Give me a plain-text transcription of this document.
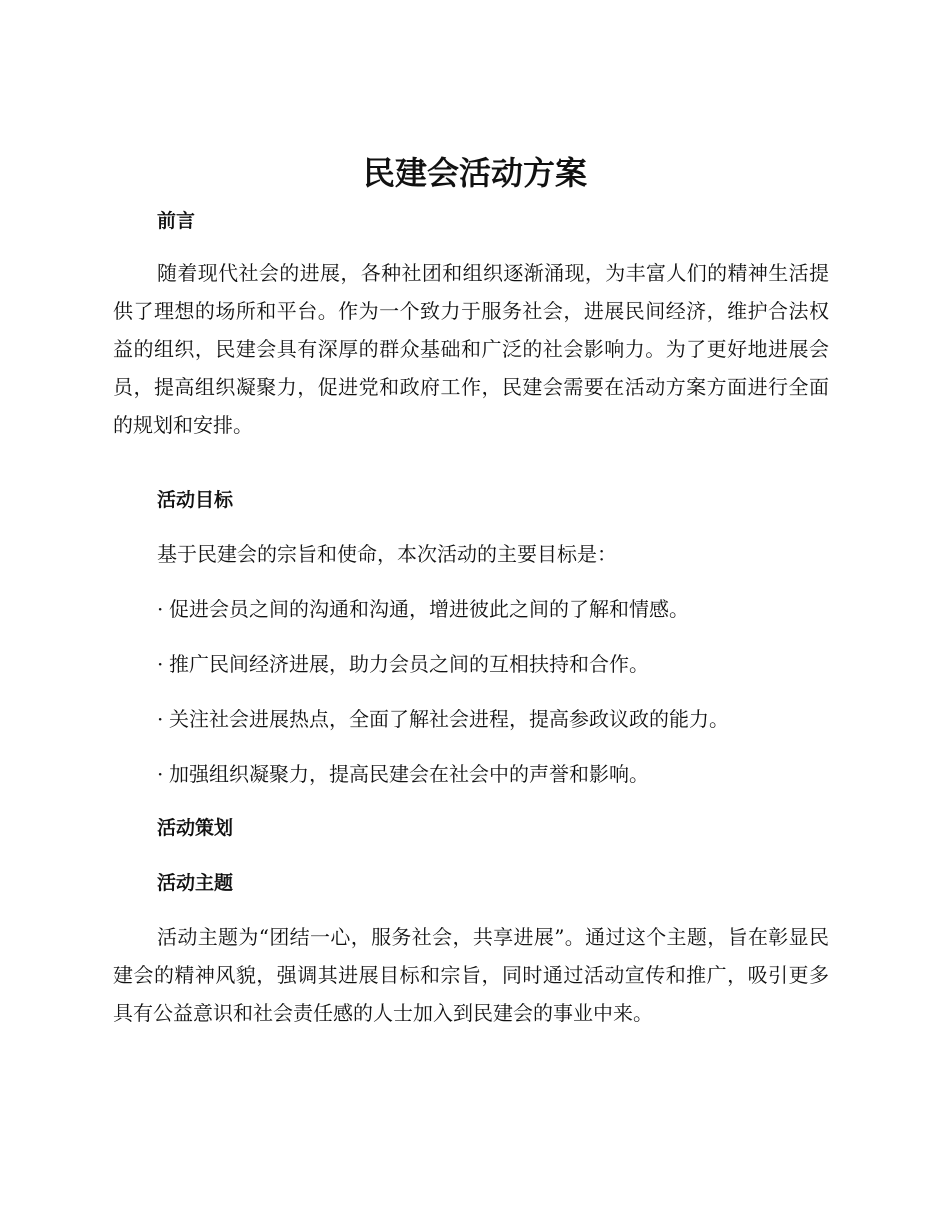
民建会活动方案
前言

随着现代社会的进展，各种社团和组织逐渐涌现，为丰富人们的精神生活提供了理想的场所和平台。作为一个致力于服务社会，进展民间经济，维护合法权益的组织，民建会具有深厚的群众基础和广泛的社会影响力。为了更好地进展会员，提高组织凝聚力，促进党和政府工作，民建会需要在活动方案方面进行全面的规划和安排。

活动目标

基于民建会的宗旨和使命，本次活动的主要目标是：

· 促进会员之间的沟通和沟通，增进彼此之间的了解和情感。
· 推广民间经济进展，助力会员之间的互相扶持和合作。
· 关注社会进展热点，全面了解社会进程，提高参政议政的能力。
· 加强组织凝聚力，提高民建会在社会中的声誉和影响。
活动策划
活动主题

活动主题为“团结一心，服务社会，共享进展”。通过这个主题，旨在彰显民建会的精神风貌，强调其进展目标和宗旨，同时通过活动宣传和推广，吸引更多具有公益意识和社会责任感的人士加入到民建会的事业中来。
